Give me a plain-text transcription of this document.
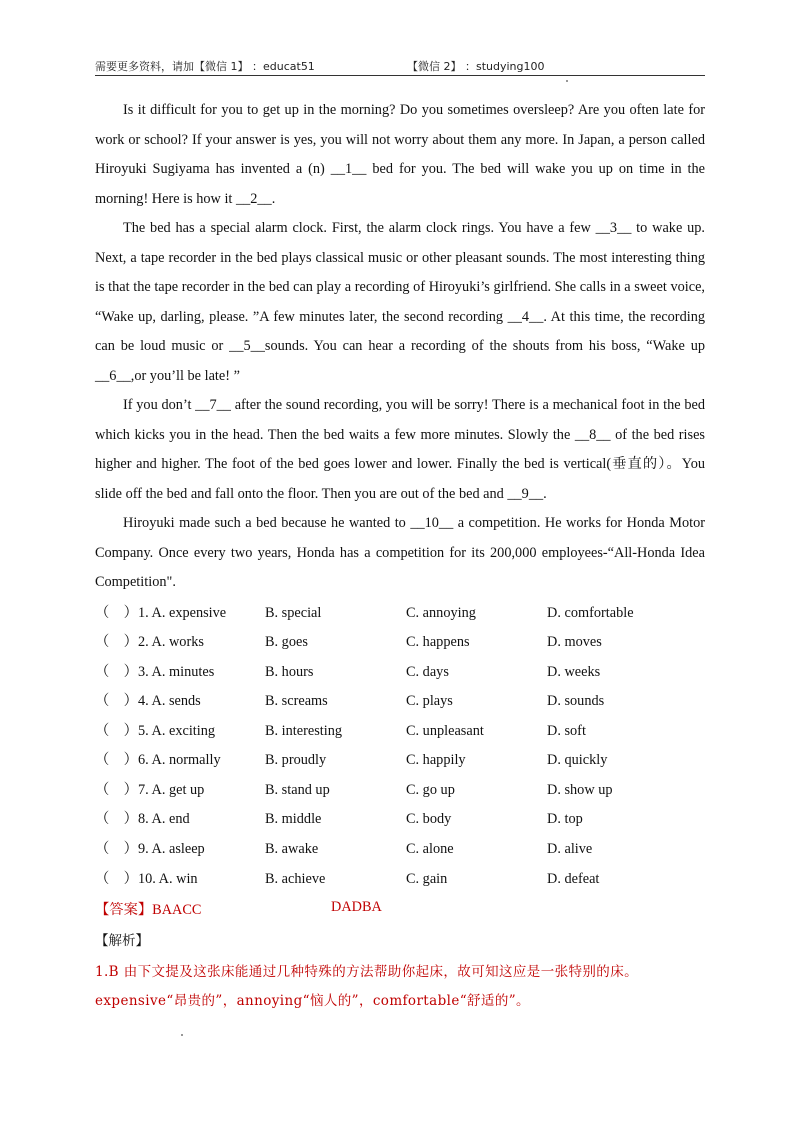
需要更多资料，请加【微信 1】 ：educat51	【微信 2】 ：studying100
Is it difficult for you to get up in the morning? Do you sometimes oversleep? Are you often late for work or school? If your answer is yes, you will not worry about them any more. In Japan, a person called Hiroyuki Sugiyama has invented a (n) __1__ bed for you. The bed will wake you up on time in the morning! Here is how it __2__.
The bed has a special alarm clock. First, the alarm clock rings. You have a few __3__ to wake up. Next, a tape recorder in the bed plays classical music or other pleasant sounds. The most interesting thing is that the tape recorder in the bed can play a recording of Hiroyuki’s girlfriend. She calls in a sweet voice, “Wake up, darling, please. ”A few minutes later, the second recording __4__. At this time, the recording can be loud music or __5__sounds. You can hear a recording of the shouts from his boss, “Wake up __6__,or you’ll be late! ”
If you don’t __7__ after the sound recording, you will be sorry! There is a mechanical foot in the bed which kicks you in the head. Then the bed waits a few more minutes. Slowly the __8__ of the bed rises higher and higher. The foot of the bed goes lower and lower. Finally the bed is vertical(垂直的）。You slide off the bed and fall onto the floor. Then you are out of the bed and __9__.
Hiroyuki made such a bed because he wanted to __10__ a competition. He works for Honda Motor Company. Once every two years, Honda has a competition for its 200,000 employees-“All-Honda Idea Competition".
（　） 1. A. expensive	B. special	C. annoying	D. comfortable
（　） 2. A. works	B. goes	C. happens	D. moves
（　） 3. A. minutes	B. hours	C. days	D. weeks
（　） 4. A. sends	B. screams	C. plays	D. sounds
（　） 5. A. exciting	B. interesting	C. unpleasant	D. soft
（　） 6. A. normally	B. proudly	C. happily	D. quickly
（　） 7. A. get up	B. stand up	C. go up	D. show up
（　） 8. A. end	B. middle	C. body	D. top
（　） 9. A. asleep	B. awake	C. alone	D. alive
（　） 10. A. win	B. achieve	C. gain	D. defeat
【答案】BAACC	DADBA
【解析】
1.B 由下文提及这张床能通过几种特殊的方法帮助你起床，故可知这应是一张特别的床。
expensive“昂贵的”，annoying“恼人的”，comfortable“舒适的”。
